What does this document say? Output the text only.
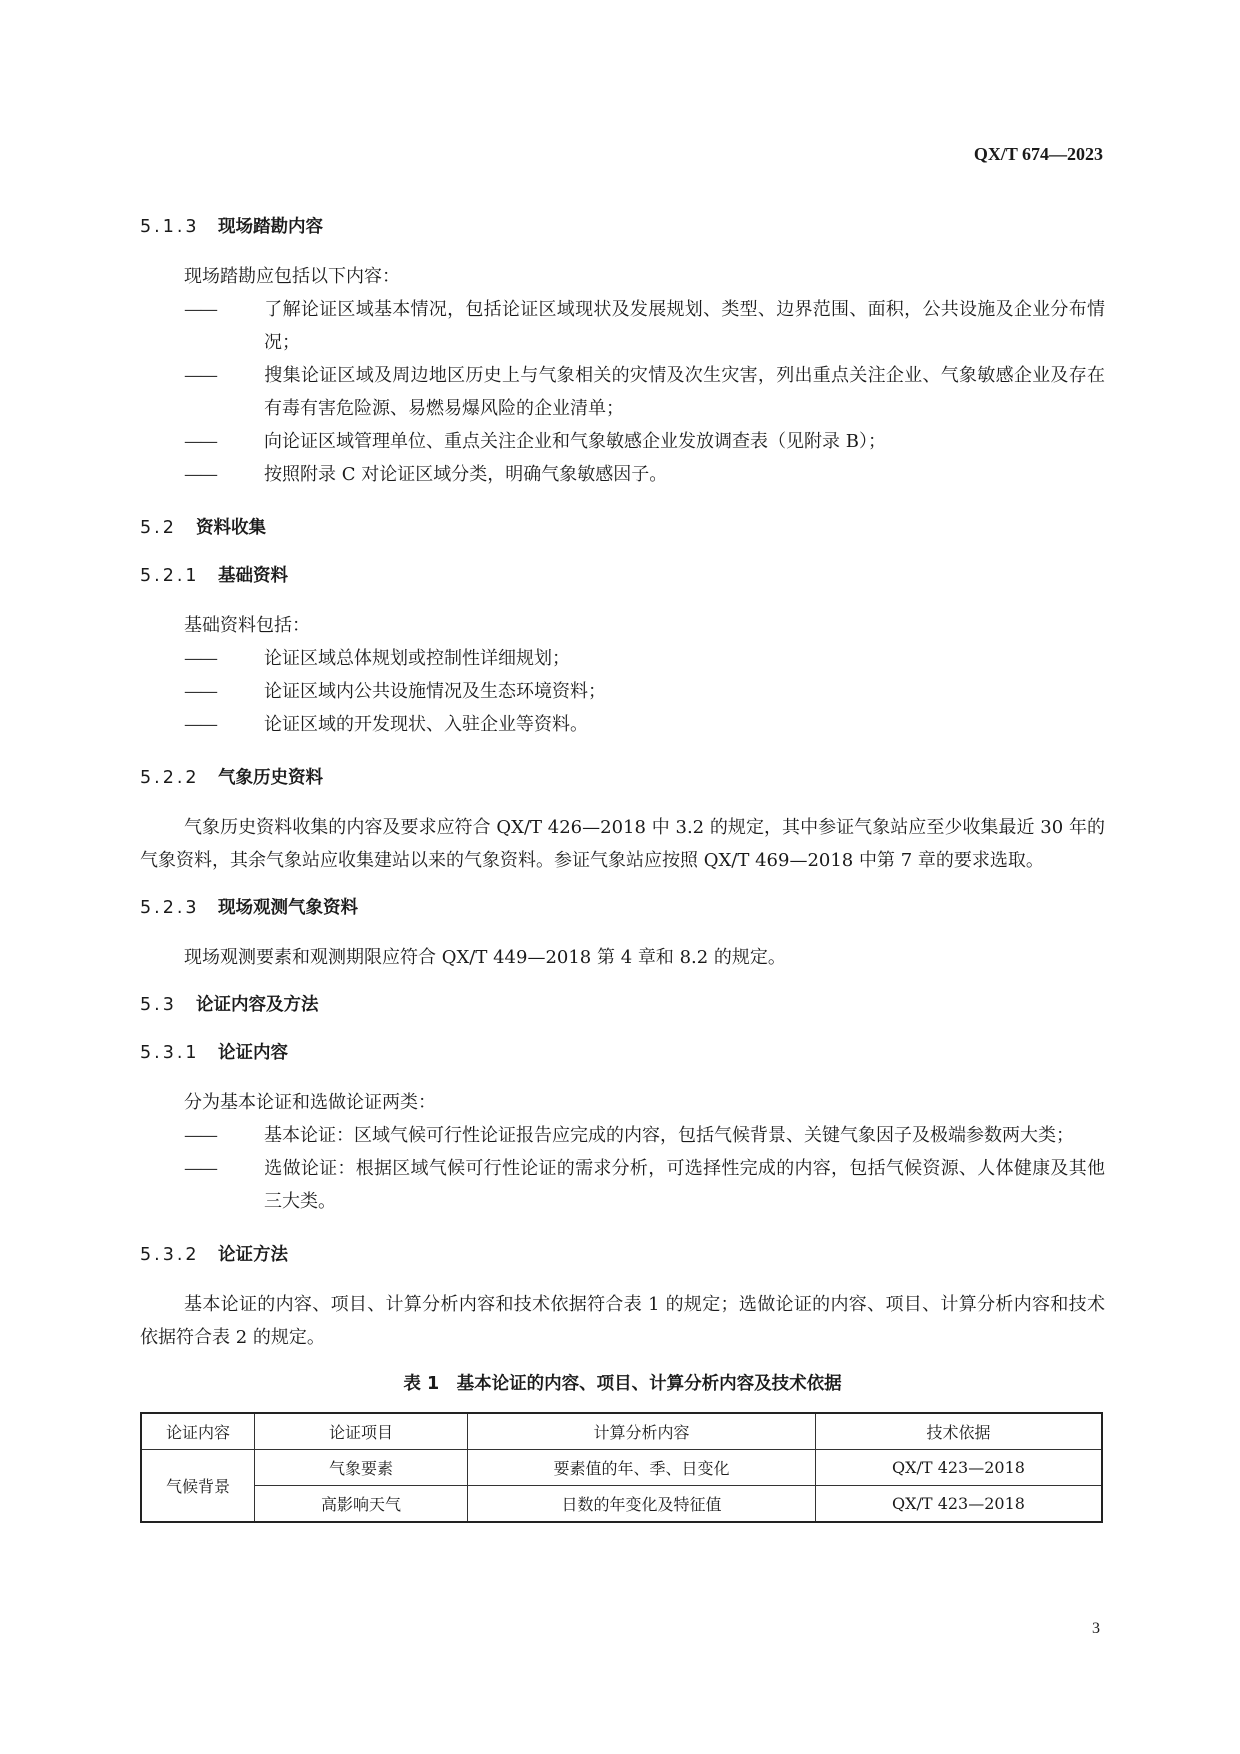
QX/T 674—2023
5.1.3 现场踏勘内容

现场踏勘应包括以下内容：

——了解论证区域基本情况，包括论证区域现状及发展规划、类型、边界范围、面积，公共设施及企业分布情况；
——搜集论证区域及周边地区历史上与气象相关的灾情及次生灾害，列出重点关注企业、气象敏感企业及存在有毒有害危险源、易燃易爆风险的企业清单；
——向论证区域管理单位、重点关注企业和气象敏感企业发放调查表（见附录 B）；
——按照附录 C 对论证区域分类，明确气象敏感因子。
5.2 资料收集
5.2.1 基础资料

基础资料包括：

——论证区域总体规划或控制性详细规划；
——论证区域内公共设施情况及生态环境资料；
——论证区域的开发现状、入驻企业等资料。
5.2.2 气象历史资料

气象历史资料收集的内容及要求应符合 QX/T 426—2018 中 3.2 的规定，其中参证气象站应至少收集最近 30 年的气象资料，其余气象站应收集建站以来的气象资料。参证气象站应按照 QX/T 469—2018 中第 7 章的要求选取。

5.2.3 现场观测气象资料

现场观测要素和观测期限应符合 QX/T 449—2018 第 4 章和 8.2 的规定。

5.3 论证内容及方法
5.3.1 论证内容

分为基本论证和选做论证两类：

——基本论证：区域气候可行性论证报告应完成的内容，包括气候背景、关键气象因子及极端参数两大类；
——选做论证：根据区域气候可行性论证的需求分析，可选择性完成的内容，包括气候资源、人体健康及其他三大类。
5.3.2 论证方法

基本论证的内容、项目、计算分析内容和技术依据符合表 1 的规定；选做论证的内容、项目、计算分析内容和技术依据符合表 2 的规定。

表 1　基本论证的内容、项目、计算分析内容及技术依据
论证内容	论证项目	计算分析内容	技术依据
气候背景	气象要素	要素值的年、季、日变化	QX/T 423—2018
	高影响天气	日数的年变化及特征值	QX/T 423—2018
3
